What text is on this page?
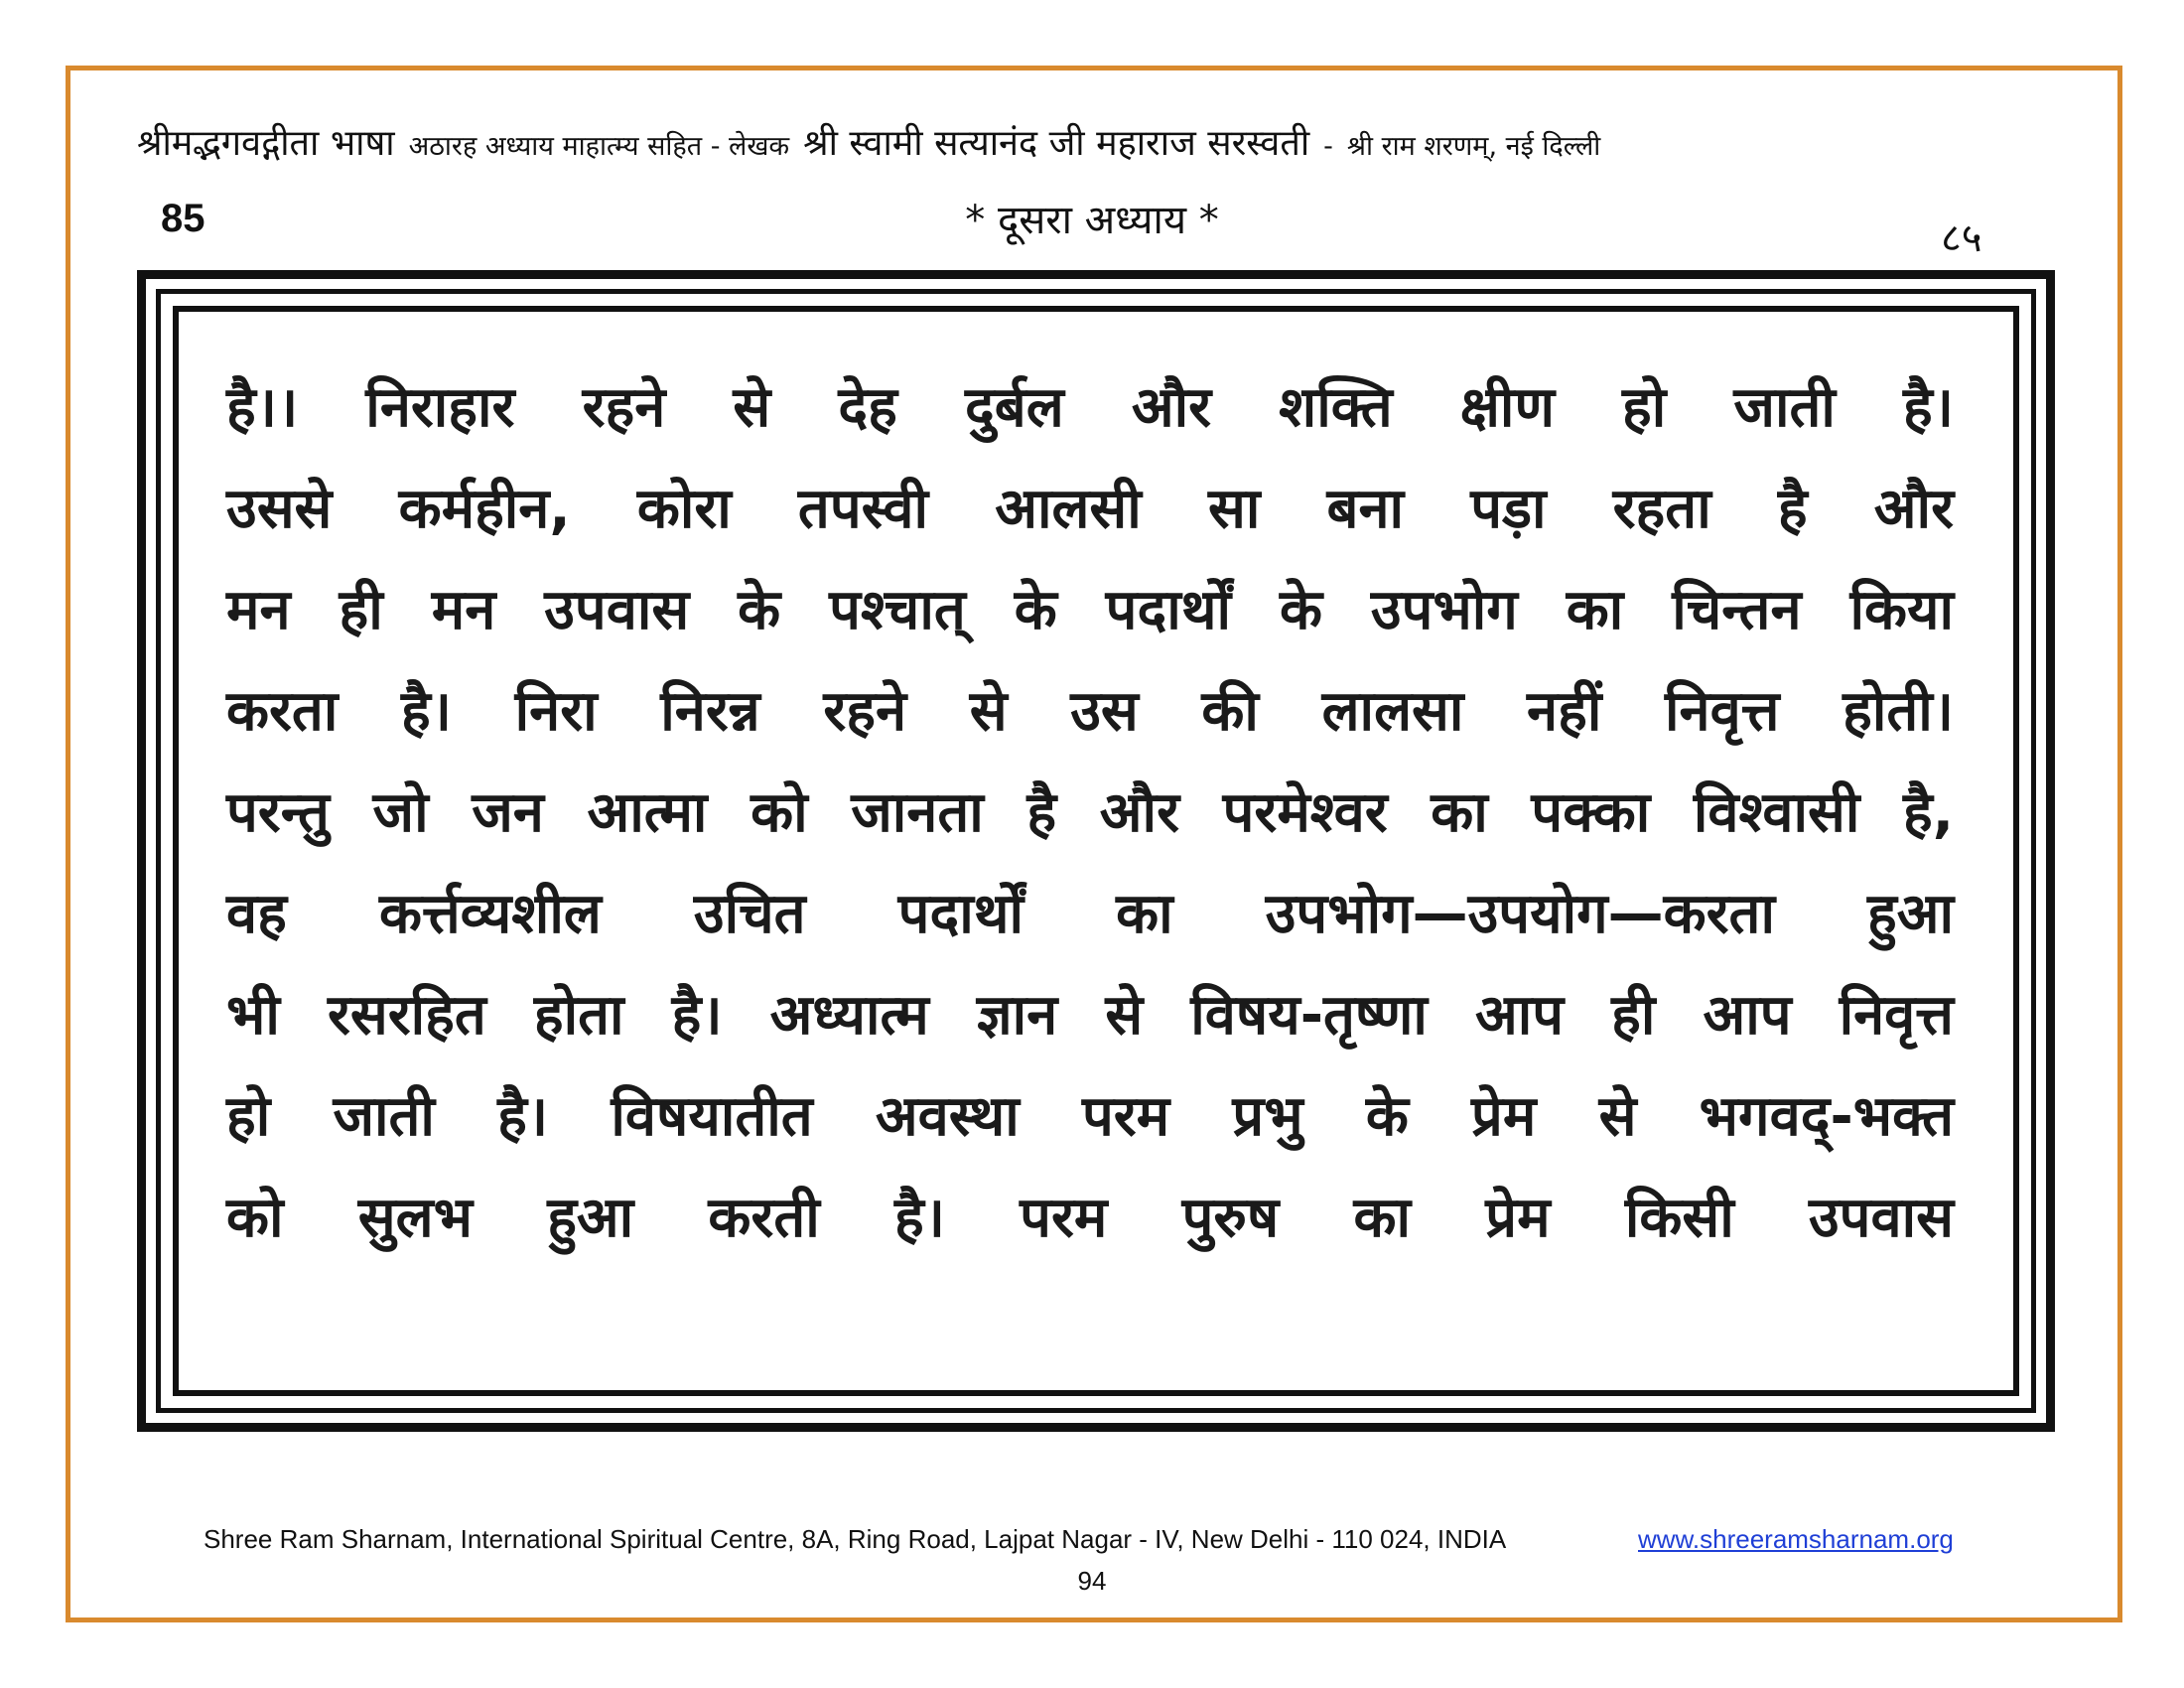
श्रीमद्भगवद्गीता भाषा अठारह अध्याय माहात्म्य सहित - लेखक श्री स्वामी सत्यानंद जी महाराज सरस्वती - श्री राम शरणम्, नई दिल्ली
85	* दूसरा अध्याय *	८५
है।। निराहार रहने से देह दुर्बल और शक्ति क्षीण हो जाती है।
उससे कर्महीन, कोरा तपस्वी आलसी सा बना पड़ा रहता है और
मन ही मन उपवास के पश्चात् के पदार्थों के उपभोग का चिन्तन किया
करता है। निरा निरन्न रहने से उस की लालसा नहीं निवृत्त होती।
परन्तु जो जन आत्मा को जानता है और परमेश्वर का पक्का विश्वासी है,
वह कर्त्तव्यशील उचित पदार्थों का उपभोग—उपयोग—करता हुआ
भी रसरहित होता है। अध्यात्म ज्ञान से विषय-तृष्णा आप ही आप निवृत्त
हो जाती है। विषयातीत अवस्था परम प्रभु के प्रेम से भगवद्-भक्त
को सुलभ हुआ करती है। परम पुरुष का प्रेम किसी उपवास
Shree Ram Sharnam, International Spiritual Centre, 8A, Ring Road, Lajpat Nagar - IV, New Delhi - 110 024, INDIA	www.shreeramsharnam.org
94
